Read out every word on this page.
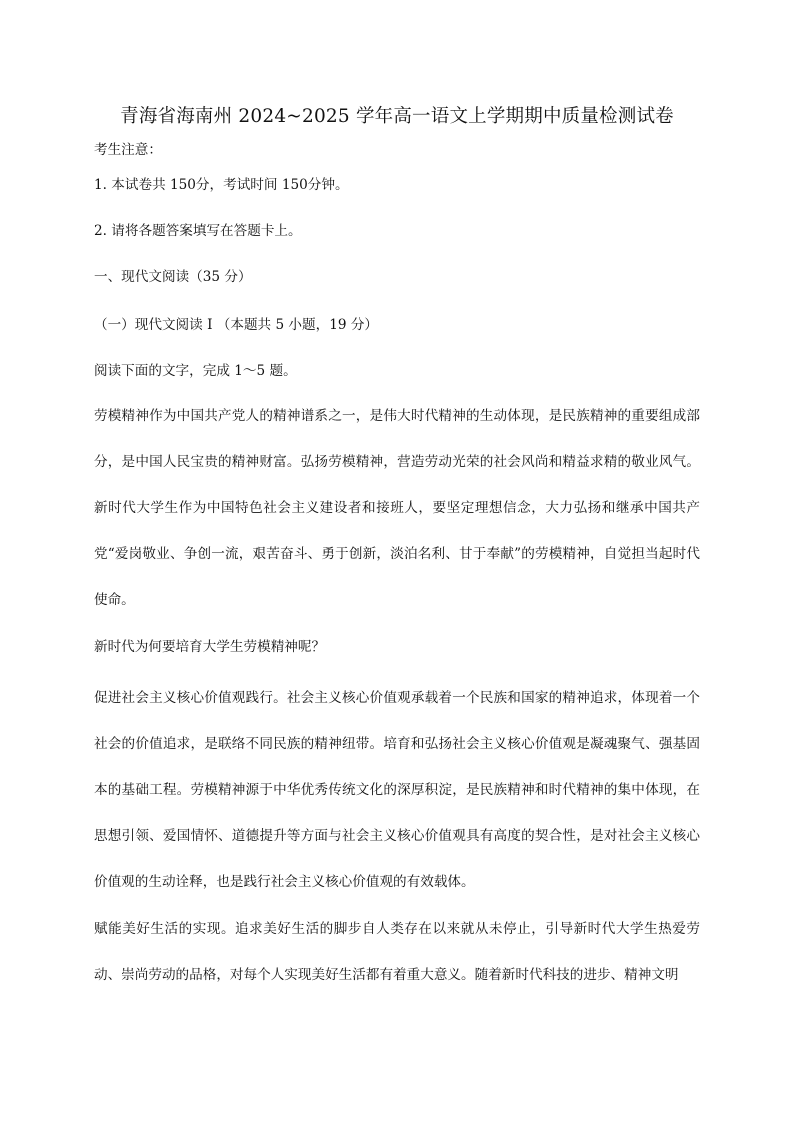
青海省海南州 2024~2025 学年高一语文上学期期中质量检测试卷
考生注意：
1. 本试卷共 150分，考试时间 150分钟。
2. 请将各题答案填写在答题卡上。
一、现代文阅读（35 分）
（一）现代文阅读 I （本题共 5 小题，19 分）
阅读下面的文字，完成 1～5 题。
劳模精神作为中国共产党人的精神谱系之一，是伟大时代精神的生动体现，是民族精神的重要组成部分，是中国人民宝贵的精神财富。弘扬劳模精神，营造劳动光荣的社会风尚和精益求精的敬业风气。新时代大学生作为中国特色社会主义建设者和接班人，要坚定理想信念，大力弘扬和继承中国共产党“爱岗敬业、争创一流，艰苦奋斗、勇于创新，淡泊名利、甘于奉献”的劳模精神，自觉担当起时代使命。
新时代为何要培育大学生劳模精神呢？
促进社会主义核心价值观践行。社会主义核心价值观承载着一个民族和国家的精神追求，体现着一个社会的价值追求，是联络不同民族的精神纽带。培育和弘扬社会主义核心价值观是凝魂聚气、强基固本的基础工程。劳模精神源于中华优秀传统文化的深厚积淀，是民族精神和时代精神的集中体现，在思想引领、爱国情怀、道德提升等方面与社会主义核心价值观具有高度的契合性，是对社会主义核心价值观的生动诠释，也是践行社会主义核心价值观的有效载体。
赋能美好生活的实现。追求美好生活的脚步自人类存在以来就从未停止，引导新时代大学生热爱劳动、崇尚劳动的品格，对每个人实现美好生活都有着重大意义。随着新时代科技的进步、精神文明
